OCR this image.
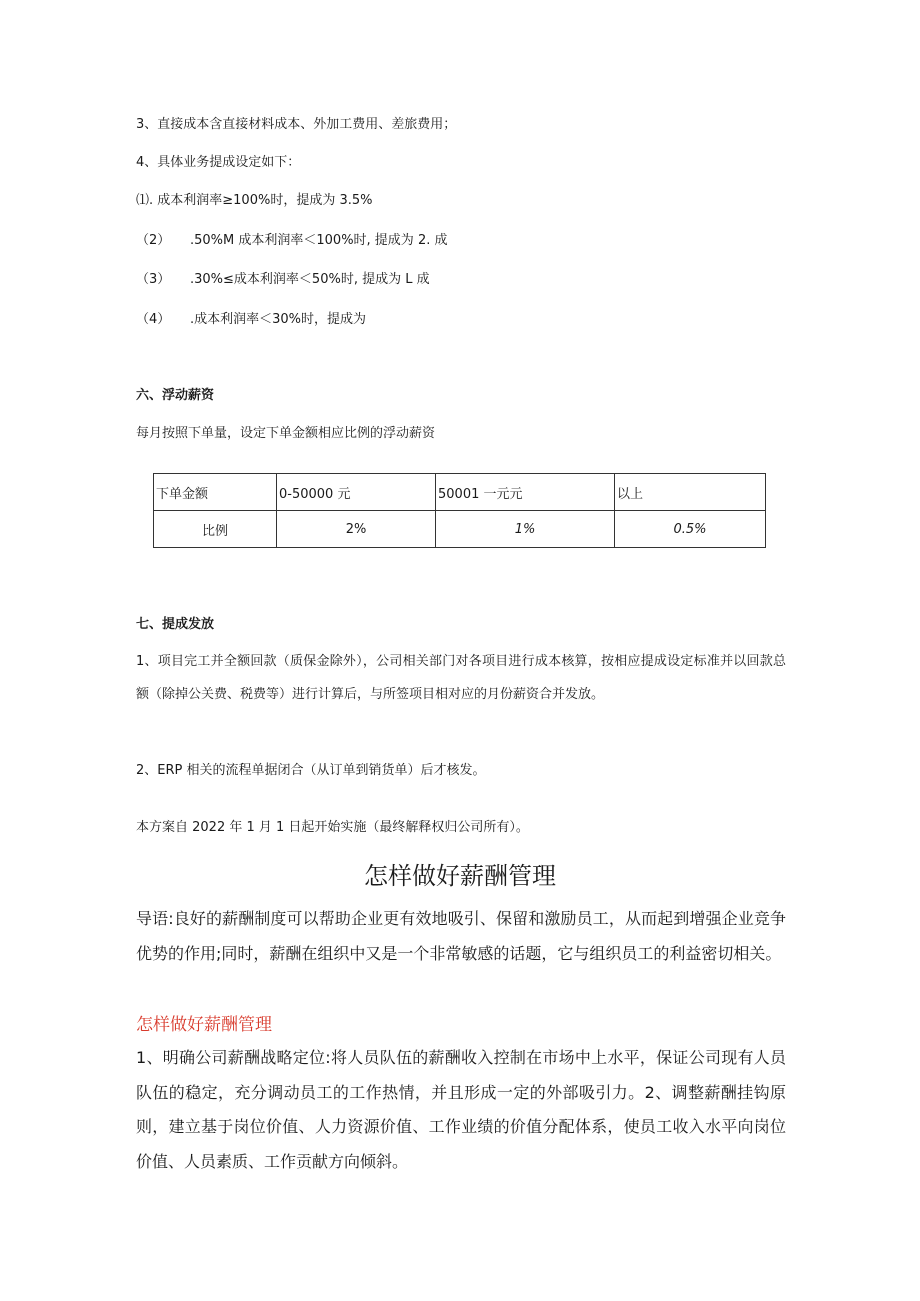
3、直接成本含直接材料成本、外加工费用、差旅费用；
4、具体业务提成设定如下：
⑴. 成本利润率≥100%时，提成为 3.5%
（2） .50%M 成本利润率＜100%时, 提成为 2. 成
（3） .30%≤成本利润率＜50%时, 提成为 L 成
（4） .成本利润率＜30%时，提成为
六、浮动薪资
每月按照下单量，设定下单金额相应比例的浮动薪资
下单金额	0-50000 元	50001 一元元	以上
比例	2%	1%	0.5%
七、提成发放
1、项目完工并全额回款（质保金除外），公司相关部门对各项目进行成本核算，按相应提成设定标准并以回款总额（除掉公关费、税费等）进行计算后，与所签项目相对应的月份薪资合并发放。
2、ERP 相关的流程单据闭合（从订单到销货单）后才核发。
本方案自 2022 年 1 月 1 日起开始实施（最终解释权归公司所有）。
怎样做好薪酬管理
导语:良好的薪酬制度可以帮助企业更有效地吸引、保留和激励员工，从而起到增强企业竞争优势的作用;同时，薪酬在组织中又是一个非常敏感的话题，它与组织员工的利益密切相关。
怎样做好薪酬管理
1、明确公司薪酬战略定位:将人员队伍的薪酬收入控制在市场中上水平，保证公司现有人员队伍的稳定，充分调动员工的工作热情，并且形成一定的外部吸引力。2、调整薪酬挂钩原则，建立基于岗位价值、人力资源价值、工作业绩的价值分配体系，使员工收入水平向岗位价值、人员素质、工作贡献方向倾斜。
